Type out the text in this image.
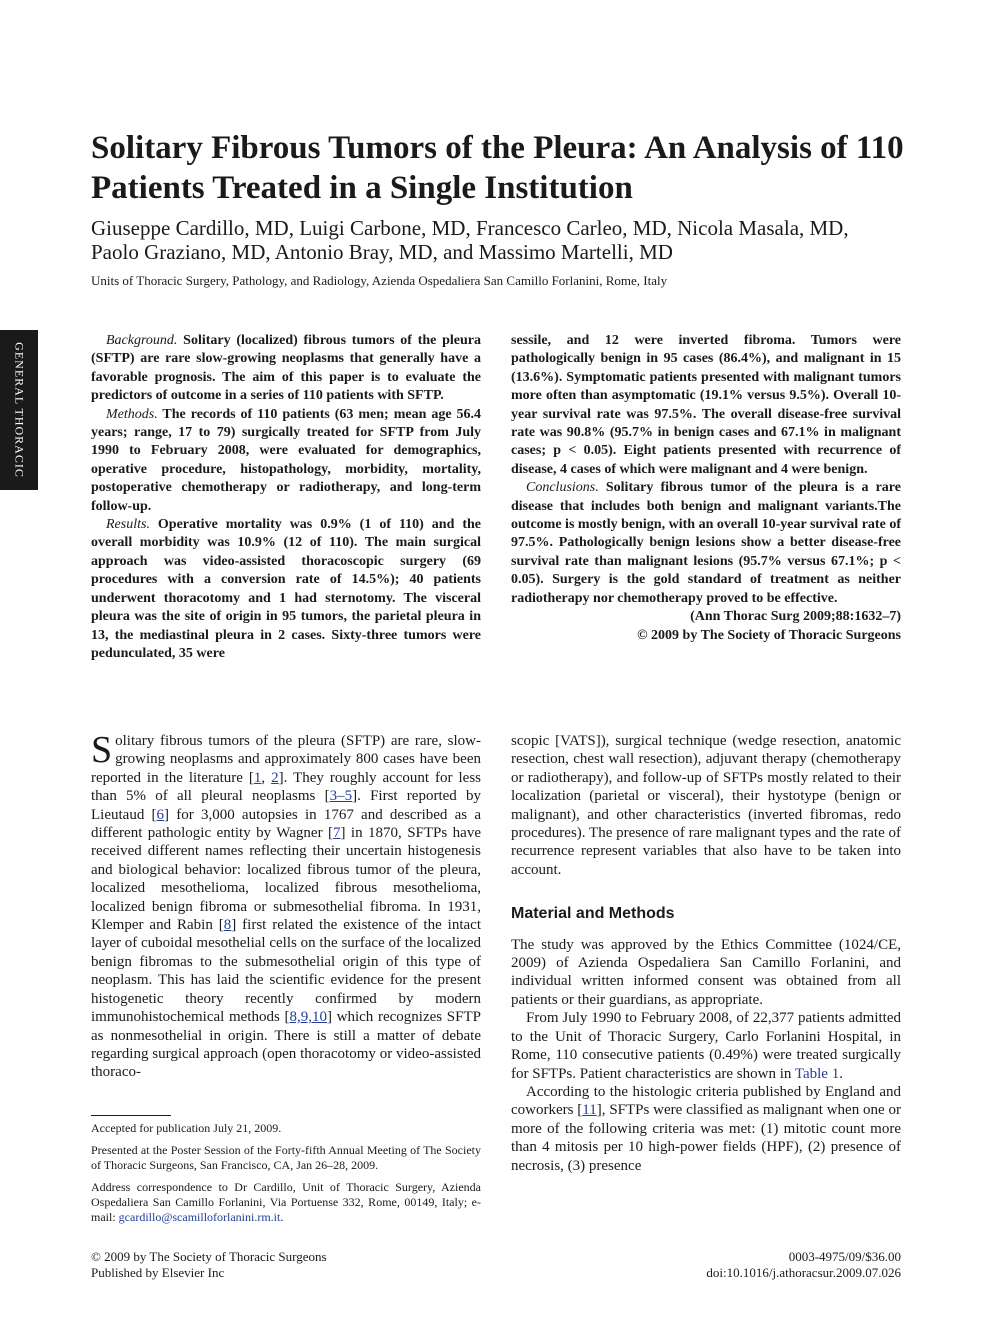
GENERAL THORACIC
Solitary Fibrous Tumors of the Pleura: An Analysis of 110 Patients Treated in a Single Institution
Giuseppe Cardillo, MD, Luigi Carbone, MD, Francesco Carleo, MD, Nicola Masala, MD,
Paolo Graziano, MD, Antonio Bray, MD, and Massimo Martelli, MD
Units of Thoracic Surgery, Pathology, and Radiology, Azienda Ospedaliera San Camillo Forlanini, Rome, Italy

Background. Solitary (localized) fibrous tumors of the pleura (SFTP) are rare slow-growing neoplasms that generally have a favorable prognosis. The aim of this paper is to evaluate the predictors of outcome in a series of 110 patients with SFTP.

Methods. The records of 110 patients (63 men; mean age 56.4 years; range, 17 to 79) surgically treated for SFTP from July 1990 to February 2008, were evaluated for demographics, operative procedure, histopathology, morbidity, mortality, postoperative chemotherapy or radiotherapy, and long-term follow-up.

Results. Operative mortality was 0.9% (1 of 110) and the overall morbidity was 10.9% (12 of 110). The main surgical approach was video-assisted thoracoscopic surgery (69 procedures with a conversion rate of 14.5%); 40 patients underwent thoracotomy and 1 had sternotomy. The visceral pleura was the site of origin in 95 tumors, the parietal pleura in 13, the mediastinal pleura in 2 cases. Sixty-three tumors were pedunculated, 35 were

sessile, and 12 were inverted fibroma. Tumors were pathologically benign in 95 cases (86.4%), and malignant in 15 (13.6%). Symptomatic patients presented with malignant tumors more often than asymptomatic (19.1% versus 9.5%). Overall 10-year survival rate was 97.5%. The overall disease-free survival rate was 90.8% (95.7% in benign cases and 67.1% in malignant cases; p < 0.05). Eight patients presented with recurrence of disease, 4 cases of which were malignant and 4 were benign.

Conclusions. Solitary fibrous tumor of the pleura is a rare disease that includes both benign and malignant variants.The outcome is mostly benign, with an overall 10-year survival rate of 97.5%. Pathologically benign lesions show a better disease-free survival rate than malignant lesions (95.7% versus 67.1%; p < 0.05). Surgery is the gold standard of treatment as neither radiotherapy nor chemotherapy proved to be effective.

(Ann Thorac Surg 2009;88:1632–7)

© 2009 by The Society of Thoracic Surgeons

Solitary fibrous tumors of the pleura (SFTP) are rare, slow-growing neoplasms and approximately 800 cases have been reported in the literature [1, 2]. They roughly account for less than 5% of all pleural neoplasms [3–5]. First reported by Lieutaud [6] for 3,000 autopsies in 1767 and described as a different pathologic entity by Wagner [7] in 1870, SFTPs have received different names reflecting their uncertain histogenesis and biological behavior: localized fibrous tumor of the pleura, localized mesothelioma, localized fibrous mesothelioma, localized benign fibroma or submesothelial fibroma. In 1931, Klemper and Rabin [8] first related the existence of the intact layer of cuboidal mesothelial cells on the surface of the localized benign fibromas to the submesothelial origin of this type of neoplasm. This has laid the scientific evidence for the present histogenetic theory recently confirmed by modern immunohistochemical methods [8,9,10] which recognizes SFTP as nonmesothelial in origin. There is still a matter of debate regarding surgical approach (open thoracotomy or video-assisted thoraco-

scopic [VATS]), surgical technique (wedge resection, anatomic resection, chest wall resection), adjuvant therapy (chemotherapy or radiotherapy), and follow-up of SFTPs mostly related to their localization (parietal or visceral), their hystotype (benign or malignant), and other characteristics (inverted fibromas, redo procedures). The presence of rare malignant types and the rate of recurrence represent variables that also have to be taken into account.

Material and Methods

The study was approved by the Ethics Committee (1024/CE, 2009) of Azienda Ospedaliera San Camillo Forlanini, and individual written informed consent was obtained from all patients or their guardians, as appropriate.

From July 1990 to February 2008, of 22,377 patients admitted to the Unit of Thoracic Surgery, Carlo Forlanini Hospital, in Rome, 110 consecutive patients (0.49%) were treated surgically for SFTPs. Patient characteristics are shown in Table 1.

According to the histologic criteria published by England and coworkers [11], SFTPs were classified as malignant when one or more of the following criteria was met: (1) mitotic count more than 4 mitosis per 10 high-power fields (HPF), (2) presence of necrosis, (3) presence

Accepted for publication July 21, 2009.

Presented at the Poster Session of the Forty-fifth Annual Meeting of The Society of Thoracic Surgeons, San Francisco, CA, Jan 26–28, 2009.

Address correspondence to Dr Cardillo, Unit of Thoracic Surgery, Azienda Ospedaliera San Camillo Forlanini, Via Portuense 332, Rome, 00149, Italy; e-mail: gcardillo@scamilloforlanini.rm.it.

© 2009 by The Society of Thoracic Surgeons
Published by Elsevier Inc
0003-4975/09/$36.00
doi:10.1016/j.athoracsur.2009.07.026
